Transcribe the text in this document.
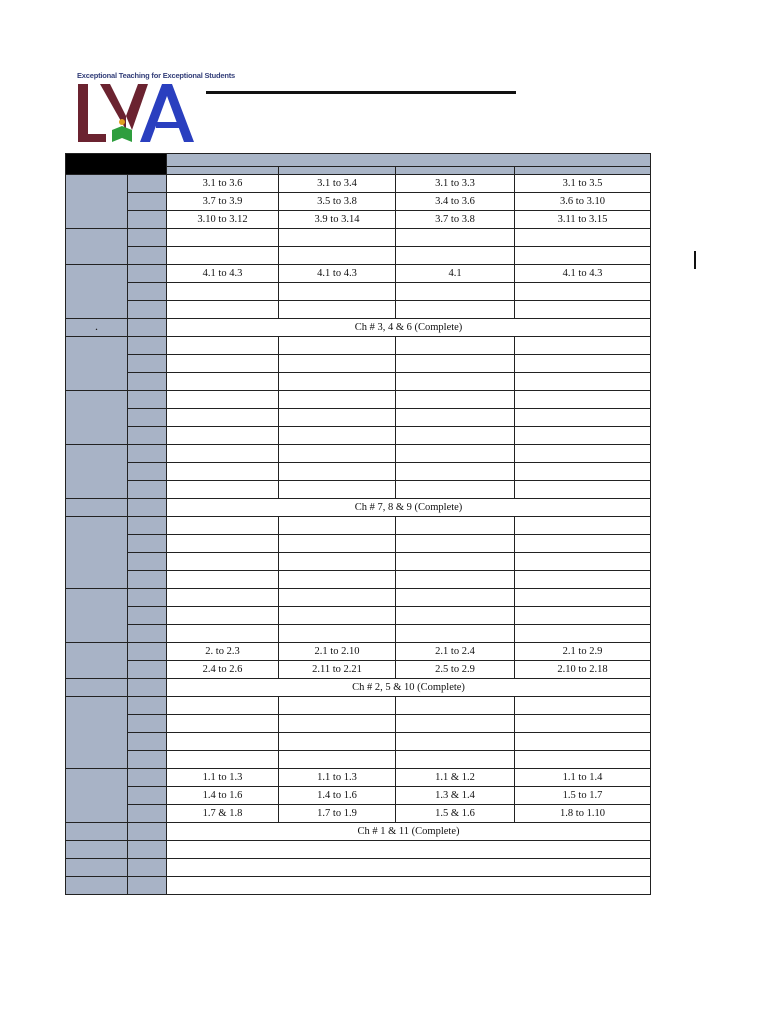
Exceptional Teaching for Exceptional Students

		3.1 to 3.6	3.1 to 3.4	3.1 to 3.3	3.1 to 3.5
		3.7 to 3.9	3.5 to 3.8	3.4 to 3.6	3.6 to 3.10
		3.10 to 3.12	3.9 to 3.14	3.7 to 3.8	3.11 to 3.15

		4.1 to 4.3	4.1 to 4.3	4.1	4.1 to 4.3

.		Ch # 3, 4 & 6 (Complete)			

		Ch # 7, 8 & 9 (Complete)			

		2. to 2.3	2.1 to 2.10	2.1 to 2.4	2.1 to 2.9
		2.4 to 2.6	2.11 to 2.21	2.5 to 2.9	2.10 to 2.18
		Ch # 2, 5 & 10 (Complete)			

		1.1 to 1.3	1.1 to 1.3	1.1 & 1.2	1.1 to 1.4
		1.4 to 1.6	1.4 to 1.6	1.3 & 1.4	1.5 to 1.7
		1.7 & 1.8	1.7 to 1.9	1.5 & 1.6	1.8 to 1.10
		Ch # 1 & 11 (Complete)			
